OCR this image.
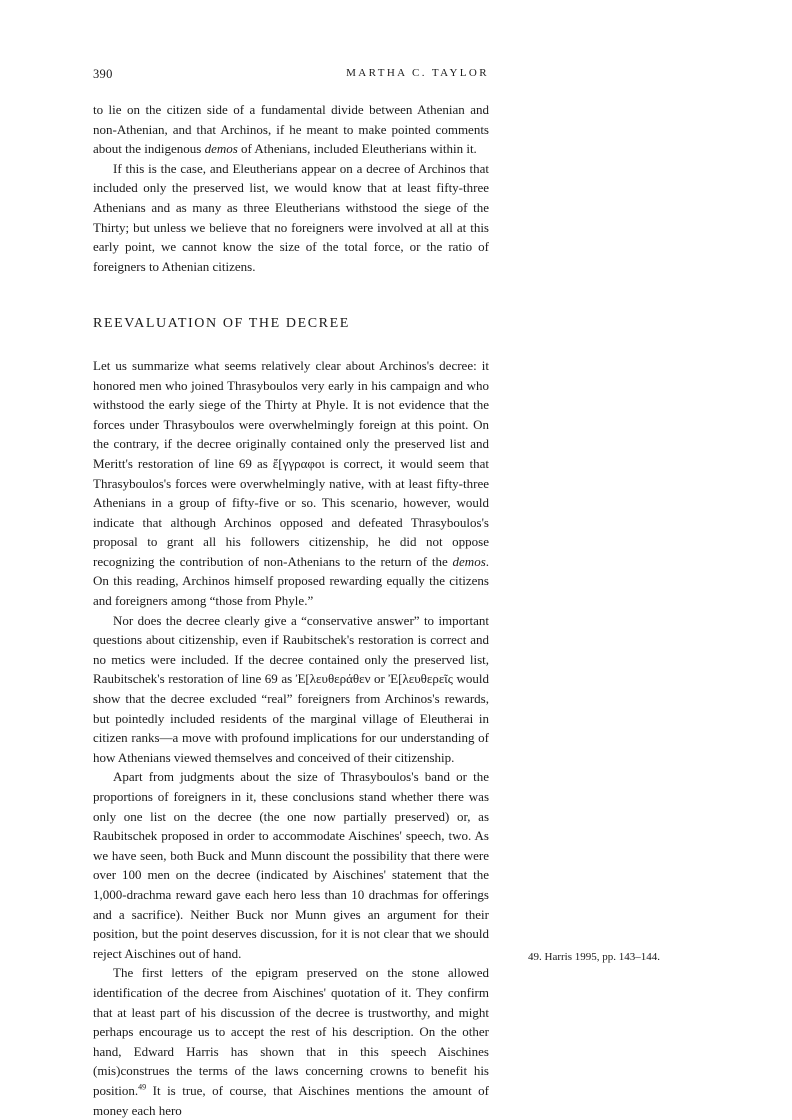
390	MARTHA C. TAYLOR

to lie on the citizen side of a fundamental divide between Athenian and non-Athenian, and that Archinos, if he meant to make pointed comments about the indigenous demos of Athenians, included Eleutherians within it.

If this is the case, and Eleutherians appear on a decree of Archinos that included only the preserved list, we would know that at least fifty-three Athenians and as many as three Eleutherians withstood the siege of the Thirty; but unless we believe that no foreigners were involved at all at this early point, we cannot know the size of the total force, or the ratio of foreigners to Athenian citizens.

REEVALUATION OF THE DECREE

Let us summarize what seems relatively clear about Archinos's decree: it honored men who joined Thrasyboulos very early in his campaign and who withstood the early siege of the Thirty at Phyle. It is not evidence that the forces under Thrasyboulos were overwhelmingly foreign at this point. On the contrary, if the decree originally contained only the preserved list and Meritt's restoration of line 69 as ἔ[γγραφοι is correct, it would seem that Thrasyboulos's forces were overwhelmingly native, with at least fifty-three Athenians in a group of fifty-five or so. This scenario, however, would indicate that although Archinos opposed and defeated Thrasyboulos's proposal to grant all his followers citizenship, he did not oppose recognizing the contribution of non-Athenians to the return of the demos. On this reading, Archinos himself proposed rewarding equally the citizens and foreigners among “those from Phyle.”

Nor does the decree clearly give a “conservative answer” to important questions about citizenship, even if Raubitschek's restoration is correct and no metics were included. If the decree contained only the preserved list, Raubitschek's restoration of line 69 as Ἐ[λευθεράθεν or Ἐ[λευθερεῖς would show that the decree excluded “real” foreigners from Archinos's rewards, but pointedly included residents of the marginal village of Eleutherai in citizen ranks—a move with profound implications for our understanding of how Athenians viewed themselves and conceived of their citizenship.

Apart from judgments about the size of Thrasyboulos's band or the proportions of foreigners in it, these conclusions stand whether there was only one list on the decree (the one now partially preserved) or, as Raubitschek proposed in order to accommodate Aischines' speech, two. As we have seen, both Buck and Munn discount the possibility that there were over 100 men on the decree (indicated by Aischines' statement that the 1,000-drachma reward gave each hero less than 10 drachmas for offerings and a sacrifice). Neither Buck nor Munn gives an argument for their position, but the point deserves discussion, for it is not clear that we should reject Aischines out of hand.

The first letters of the epigram preserved on the stone allowed identification of the decree from Aischines' quotation of it. They confirm that at least part of his discussion of the decree is trustworthy, and might perhaps encourage us to accept the rest of his description. On the other hand, Edward Harris has shown that in this speech Aischines (mis)construes the terms of the laws concerning crowns to benefit his position.$^{49}$ It is true, of course, that Aischines mentions the amount of money each hero

49. Harris 1995, pp. 143–144.
